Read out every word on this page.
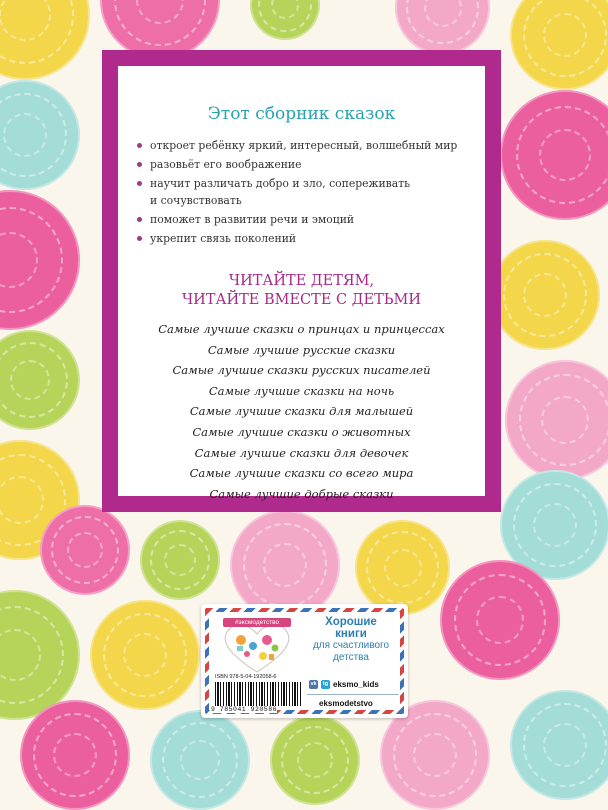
Этот сборник сказок
откроет ребёнку яркий, интересный, волшебный мир
разовьёт его воображение
научит различать добро и зло, сопереживать
и сочувствовать
поможет в развитии речи и эмоций
укрепит связь поколений
ЧИТАЙТЕ ДЕТЯМ,
ЧИТАЙТЕ ВМЕСТЕ С ДЕТЬМИ
Самые лучшие сказки о принцах и принцессах
Самые лучшие русские сказки
Самые лучшие сказки русских писателей
Самые лучшие сказки на ночь
Самые лучшие сказки для малышей
Самые лучшие сказки о животных
Самые лучшие сказки для девочек
Самые лучшие сказки со всего мира
Самые лучшие добрые сказки
#эксмодетство	Хорошие
книги
для счастливого
детства
ISBN 978-5-04-192058-6
9 785041 920586
vk	tg eksmo_kids
eksmodetstvo
